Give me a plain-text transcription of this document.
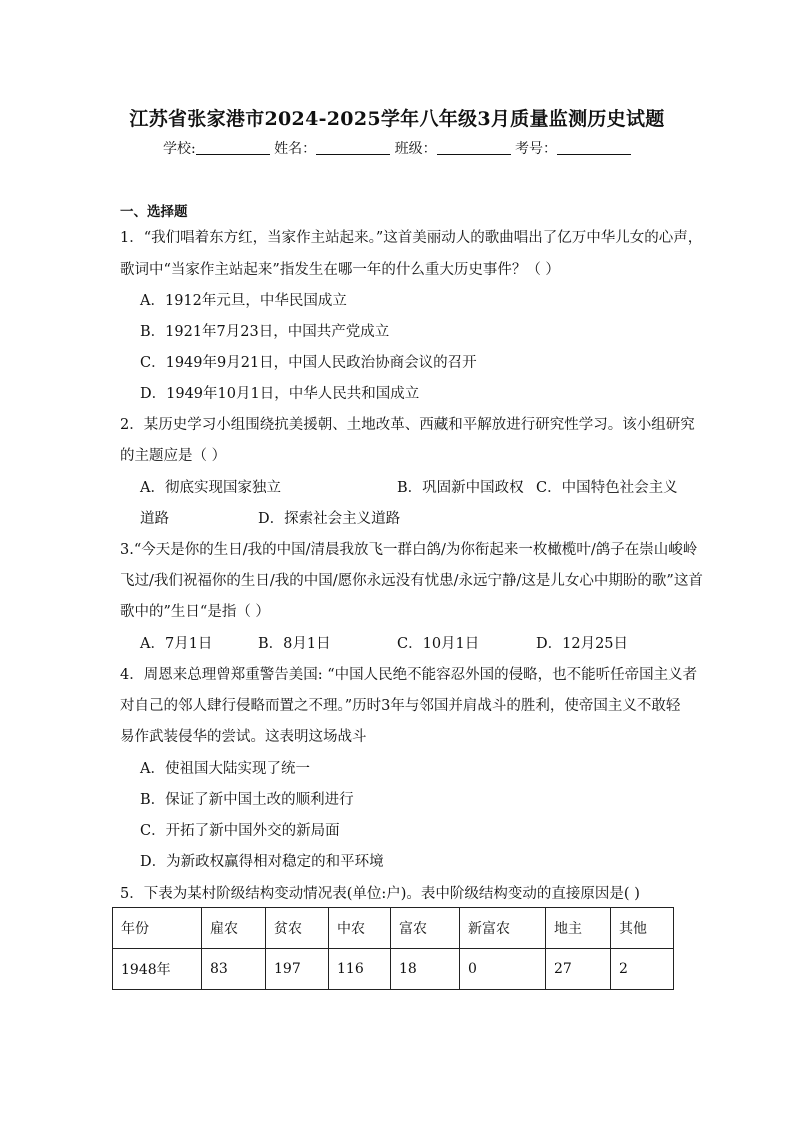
江苏省张家港市2024-2025学年八年级3月质量监测历史试题
学校:	姓名：	班级：	考号：
一、选择题
1．“我们唱着东方红，当家作主站起来。”这首美丽动人的歌曲唱出了亿万中华儿女的心声，
歌词中“当家作主站起来”指发生在哪一年的什么重大历史事件？（ ）
A．1912年元旦，中华民国成立
B．1921年7月23日，中国共产党成立
C．1949年9月21日，中国人民政治协商会议的召开
D．1949年10月1日，中华人民共和国成立
2．某历史学习小组围绕抗美援朝、土地改革、西藏和平解放进行研究性学习。该小组研究
的主题应是（ ）
A．彻底实现国家独立	B．巩固新中国政权 C．中国特色社会主义
道路	D．探索社会主义道路
3.“今天是你的生日/我的中国/清晨我放飞一群白鸽/为你衔起来一枚橄榄叶/鸽子在崇山峻岭
飞过/我们祝福你的生日/我的中国/愿你永远没有忧患/永远宁静/这是儿女心中期盼的歌”这首
歌中的”生日“是指（ ）
A．7月1日	B．8月1日	C．10月1日	D．12月25日
4．周恩来总理曾郑重警告美国: “中国人民绝不能容忍外国的侵略，也不能听任帝国主义者
对自己的邻人肆行侵略而置之不理。”历时3年与邻国并肩战斗的胜利，使帝国主义不敢轻
易作武装侵华的尝试。这表明这场战斗
A．使祖国大陆实现了统一
B．保证了新中国土改的顺利进行
C．开拓了新中国外交的新局面
D．为新政权赢得相对稳定的和平环境
5．下表为某村阶级结构变动情况表(单位:户)。表中阶级结构变动的直接原因是( )
年份	雇农	贫农	中农	富农	新富农	地主	其他
1948年	83	197	116	18	0	27	2
